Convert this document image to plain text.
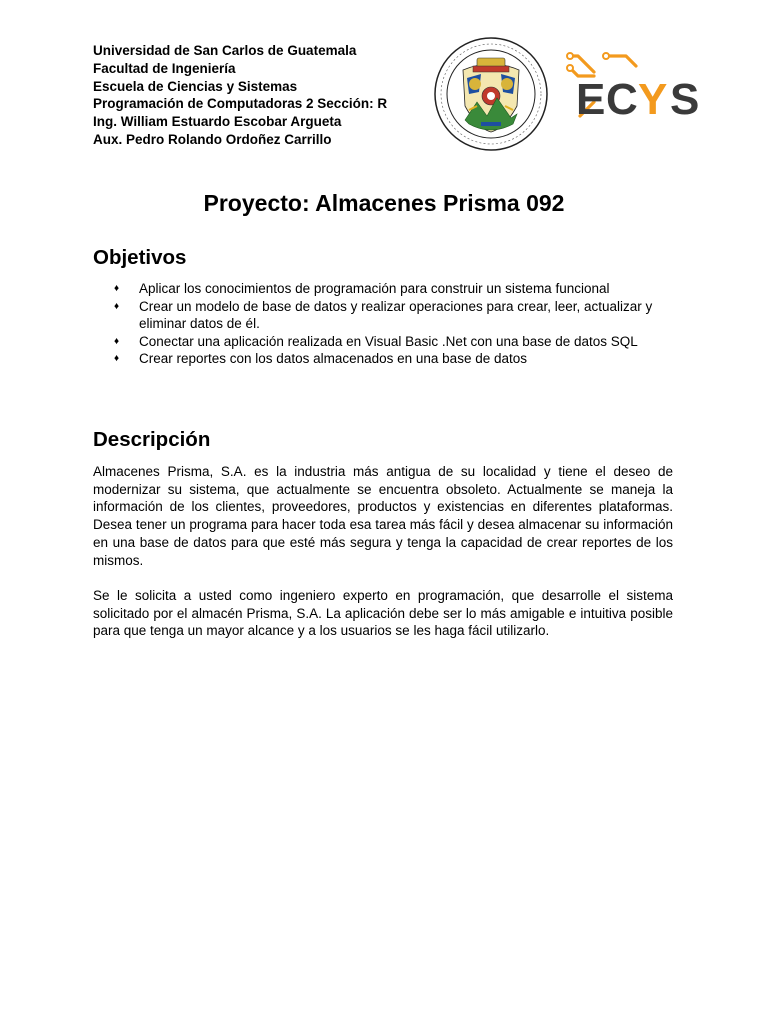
Universidad de San Carlos de Guatemala
Facultad de Ingeniería
Escuela de Ciencias y Sistemas
Programación de Computadoras 2 Sección: R
Ing. William Estuardo Escobar Argueta
Aux. Pedro Rolando Ordoñez Carrillo
E C Y S
Proyecto: Almacenes Prisma 092
Objetivos
♦ Aplicar los conocimientos de programación para construir un sistema funcional
♦ Crear un modelo de base de datos y realizar operaciones para crear, leer, actualizar y eliminar datos de él.
♦ Conectar una aplicación realizada en Visual Basic .Net con una base de datos SQL
♦ Crear reportes con los datos almacenados en una base de datos
Descripción

Almacenes Prisma, S.A. es la industria más antigua de su localidad y tiene el deseo de modernizar su sistema, que actualmente se encuentra obsoleto. Actualmente se maneja la información de los clientes, proveedores, productos y existencias en diferentes plataformas. Desea tener un programa para hacer toda esa tarea más fácil y desea almacenar su información en una base de datos para que esté más segura y tenga la capacidad de crear reportes de los mismos.

Se le solicita a usted como ingeniero experto en programación, que desarrolle el sistema solicitado por el almacén Prisma, S.A. La aplicación debe ser lo más amigable e intuitiva posible para que tenga un mayor alcance y a los usuarios se les haga fácil utilizarlo.
